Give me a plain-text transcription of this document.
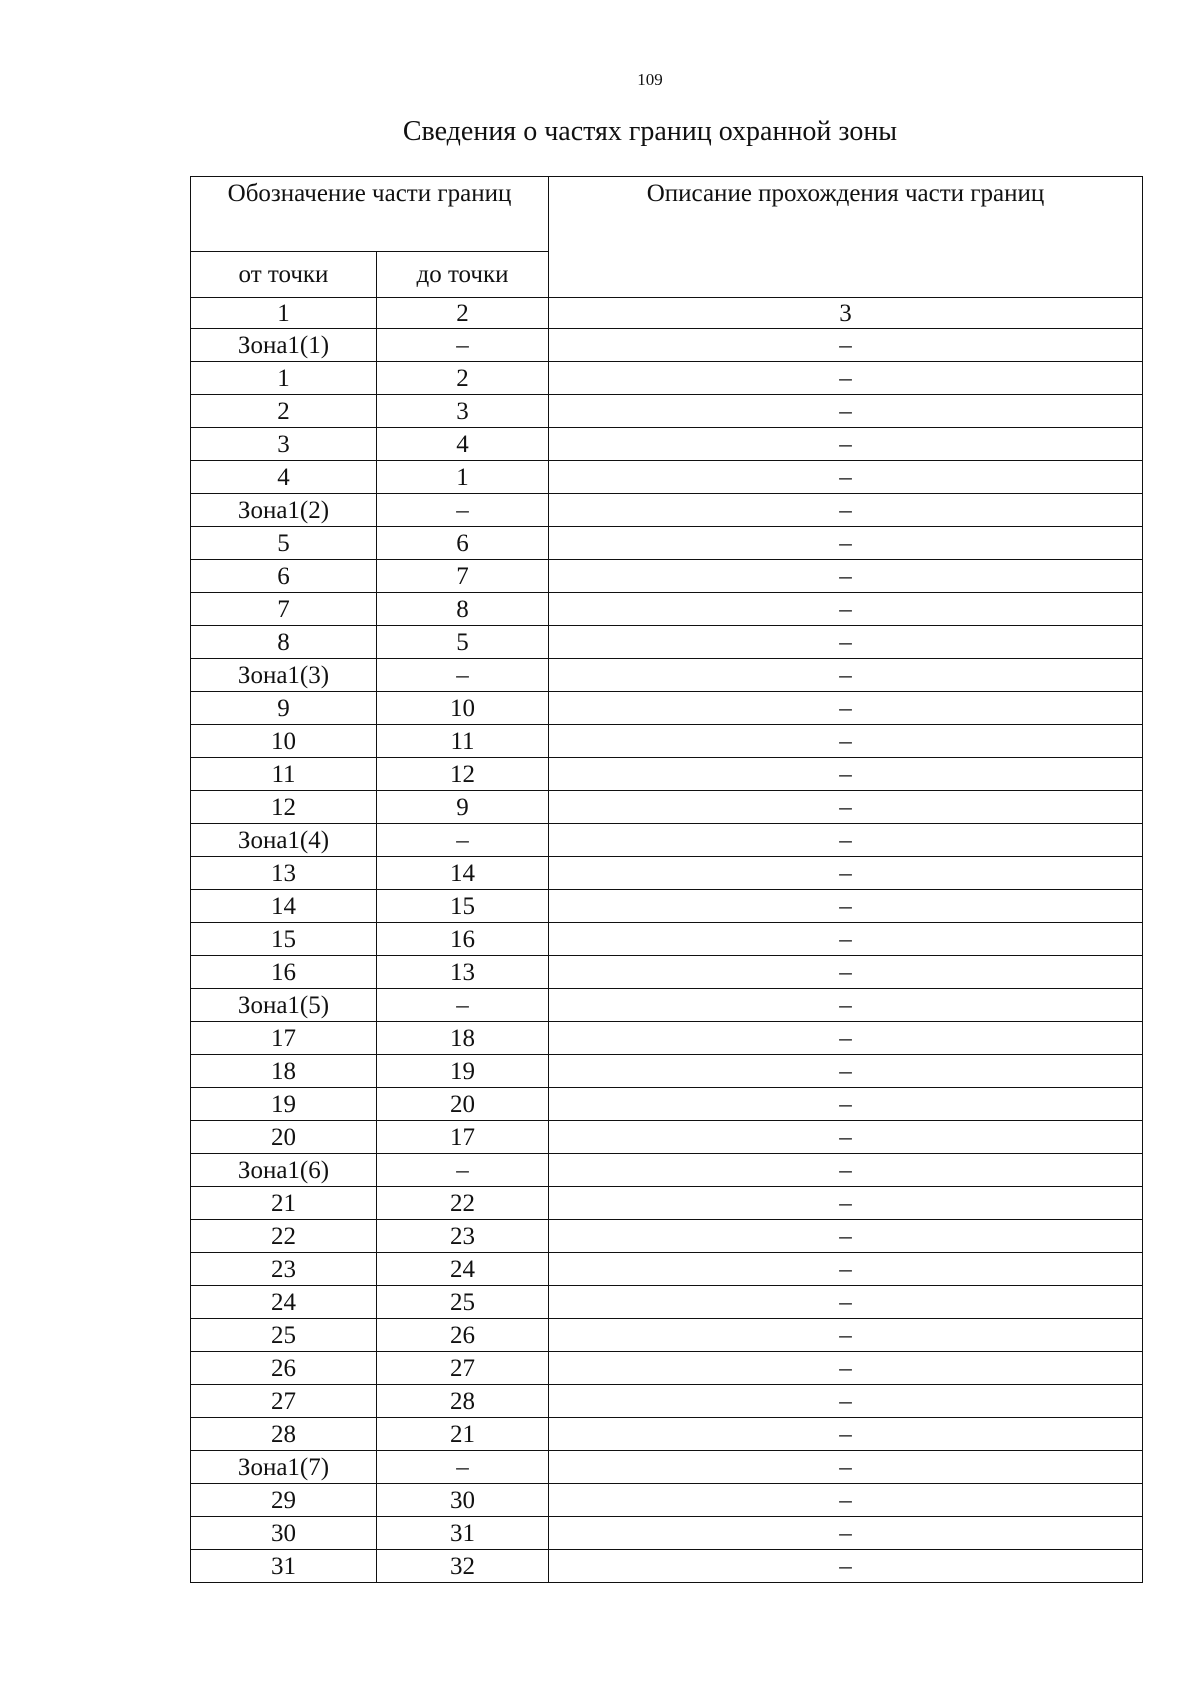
109
Сведения о частях границ охранной зоны
Обозначение части границ		Описание прохождения части границ
от точки	до точки	
1	2	3
Зона1(1)	–	–
1	2	–
2	3	–
3	4	–
4	1	–
Зона1(2)	–	–
5	6	–
6	7	–
7	8	–
8	5	–
Зона1(3)	–	–
9	10	–
10	11	–
11	12	–
12	9	–
Зона1(4)	–	–
13	14	–
14	15	–
15	16	–
16	13	–
Зона1(5)	–	–
17	18	–
18	19	–
19	20	–
20	17	–
Зона1(6)	–	–
21	22	–
22	23	–
23	24	–
24	25	–
25	26	–
26	27	–
27	28	–
28	21	–
Зона1(7)	–	–
29	30	–
30	31	–
31	32	–
